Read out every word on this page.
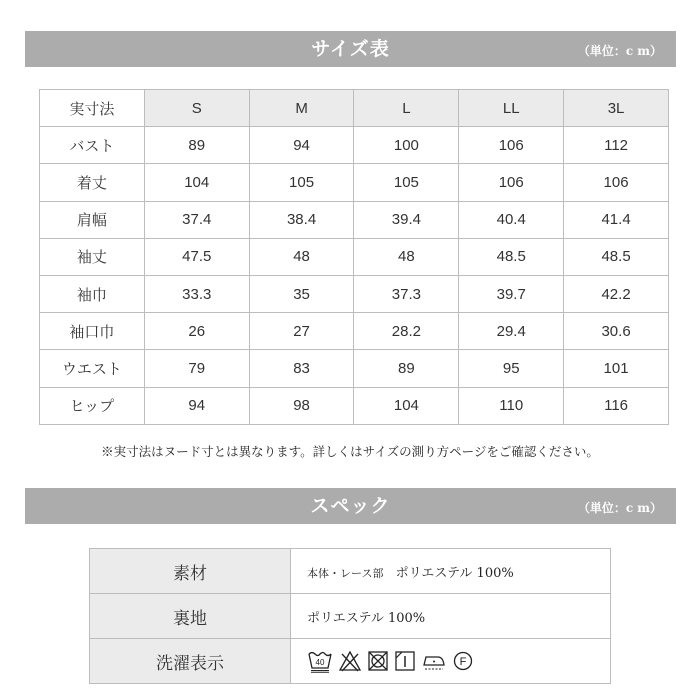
サイズ表	（単位：c m）
実寸法	S	M	L	LL	3L
バスト	89	94	100	106	112
着丈	104	105	105	106	106
肩幅	37.4	38.4	39.4	40.4	41.4
袖丈	47.5	48	48	48.5	48.5
袖巾	33.3	35	37.3	39.7	42.2
袖口巾	26	27	28.2	29.4	30.6
ウエスト	79	83	89	95	101
ヒップ	94	98	104	110	116
※実寸法はヌード寸とは異なります。詳しくはサイズの測り方ページをご確認ください。
スペック	（単位：c m）
素材	本体・レース部 ポリエステル 100%
裏地	ポリエステル 100%
洗濯表示	40 F
